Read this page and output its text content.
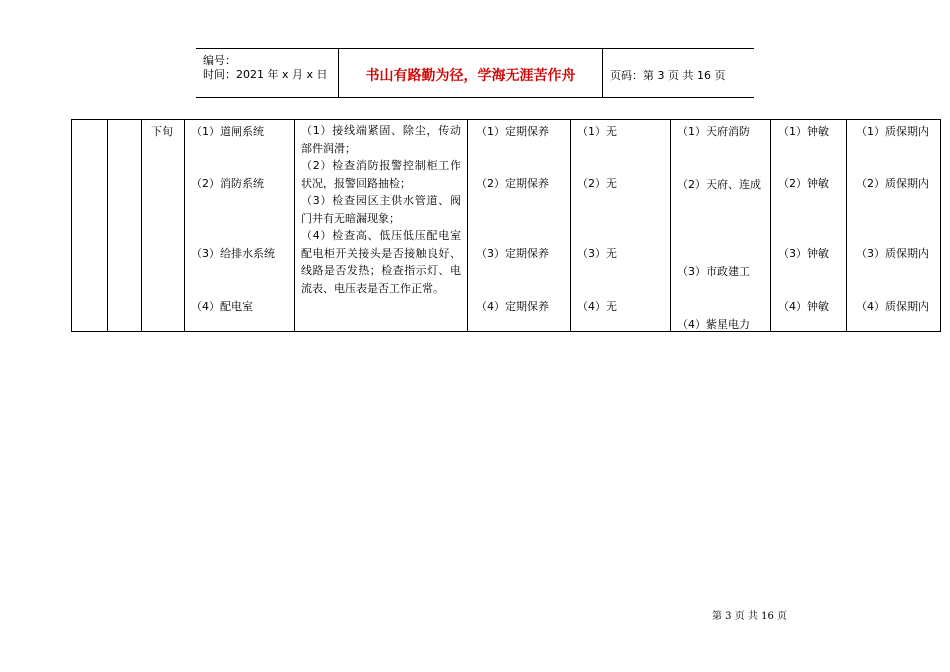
编号：
时间：2021 年 x 月 x 日	书山有路勤为径，学海无涯苦作舟	页码：第 3 页 共 16 页
下旬 （1）道闸系统
（2）消防系统
（3）给排水系统
（4）配电室
（1）接线端紧固、除尘，传动部件润滑；
（2）检查消防报警控制柜工作状况，报警回路抽检；
（3）检查园区主供水管道、阀门井有无暗漏现象；
（4）检查高、低压低压配电室配电柜开关接头是否接触良好、线路是否发热；检查指示灯、电流表、电压表是否工作正常。
（1）定期保养
（2）定期保养
（3）定期保养
（4）定期保养
（1）无
（2）无
（3）无
（4）无
（1）天府消防
（2）天府、连成
（3）市政建工
（4）紫星电力
（1）钟敏
（2）钟敏
（3）钟敏
（4）钟敏
（1）质保期内
（2）质保期内
（3）质保期内
（4）质保期内
第 3 页 共 16 页
